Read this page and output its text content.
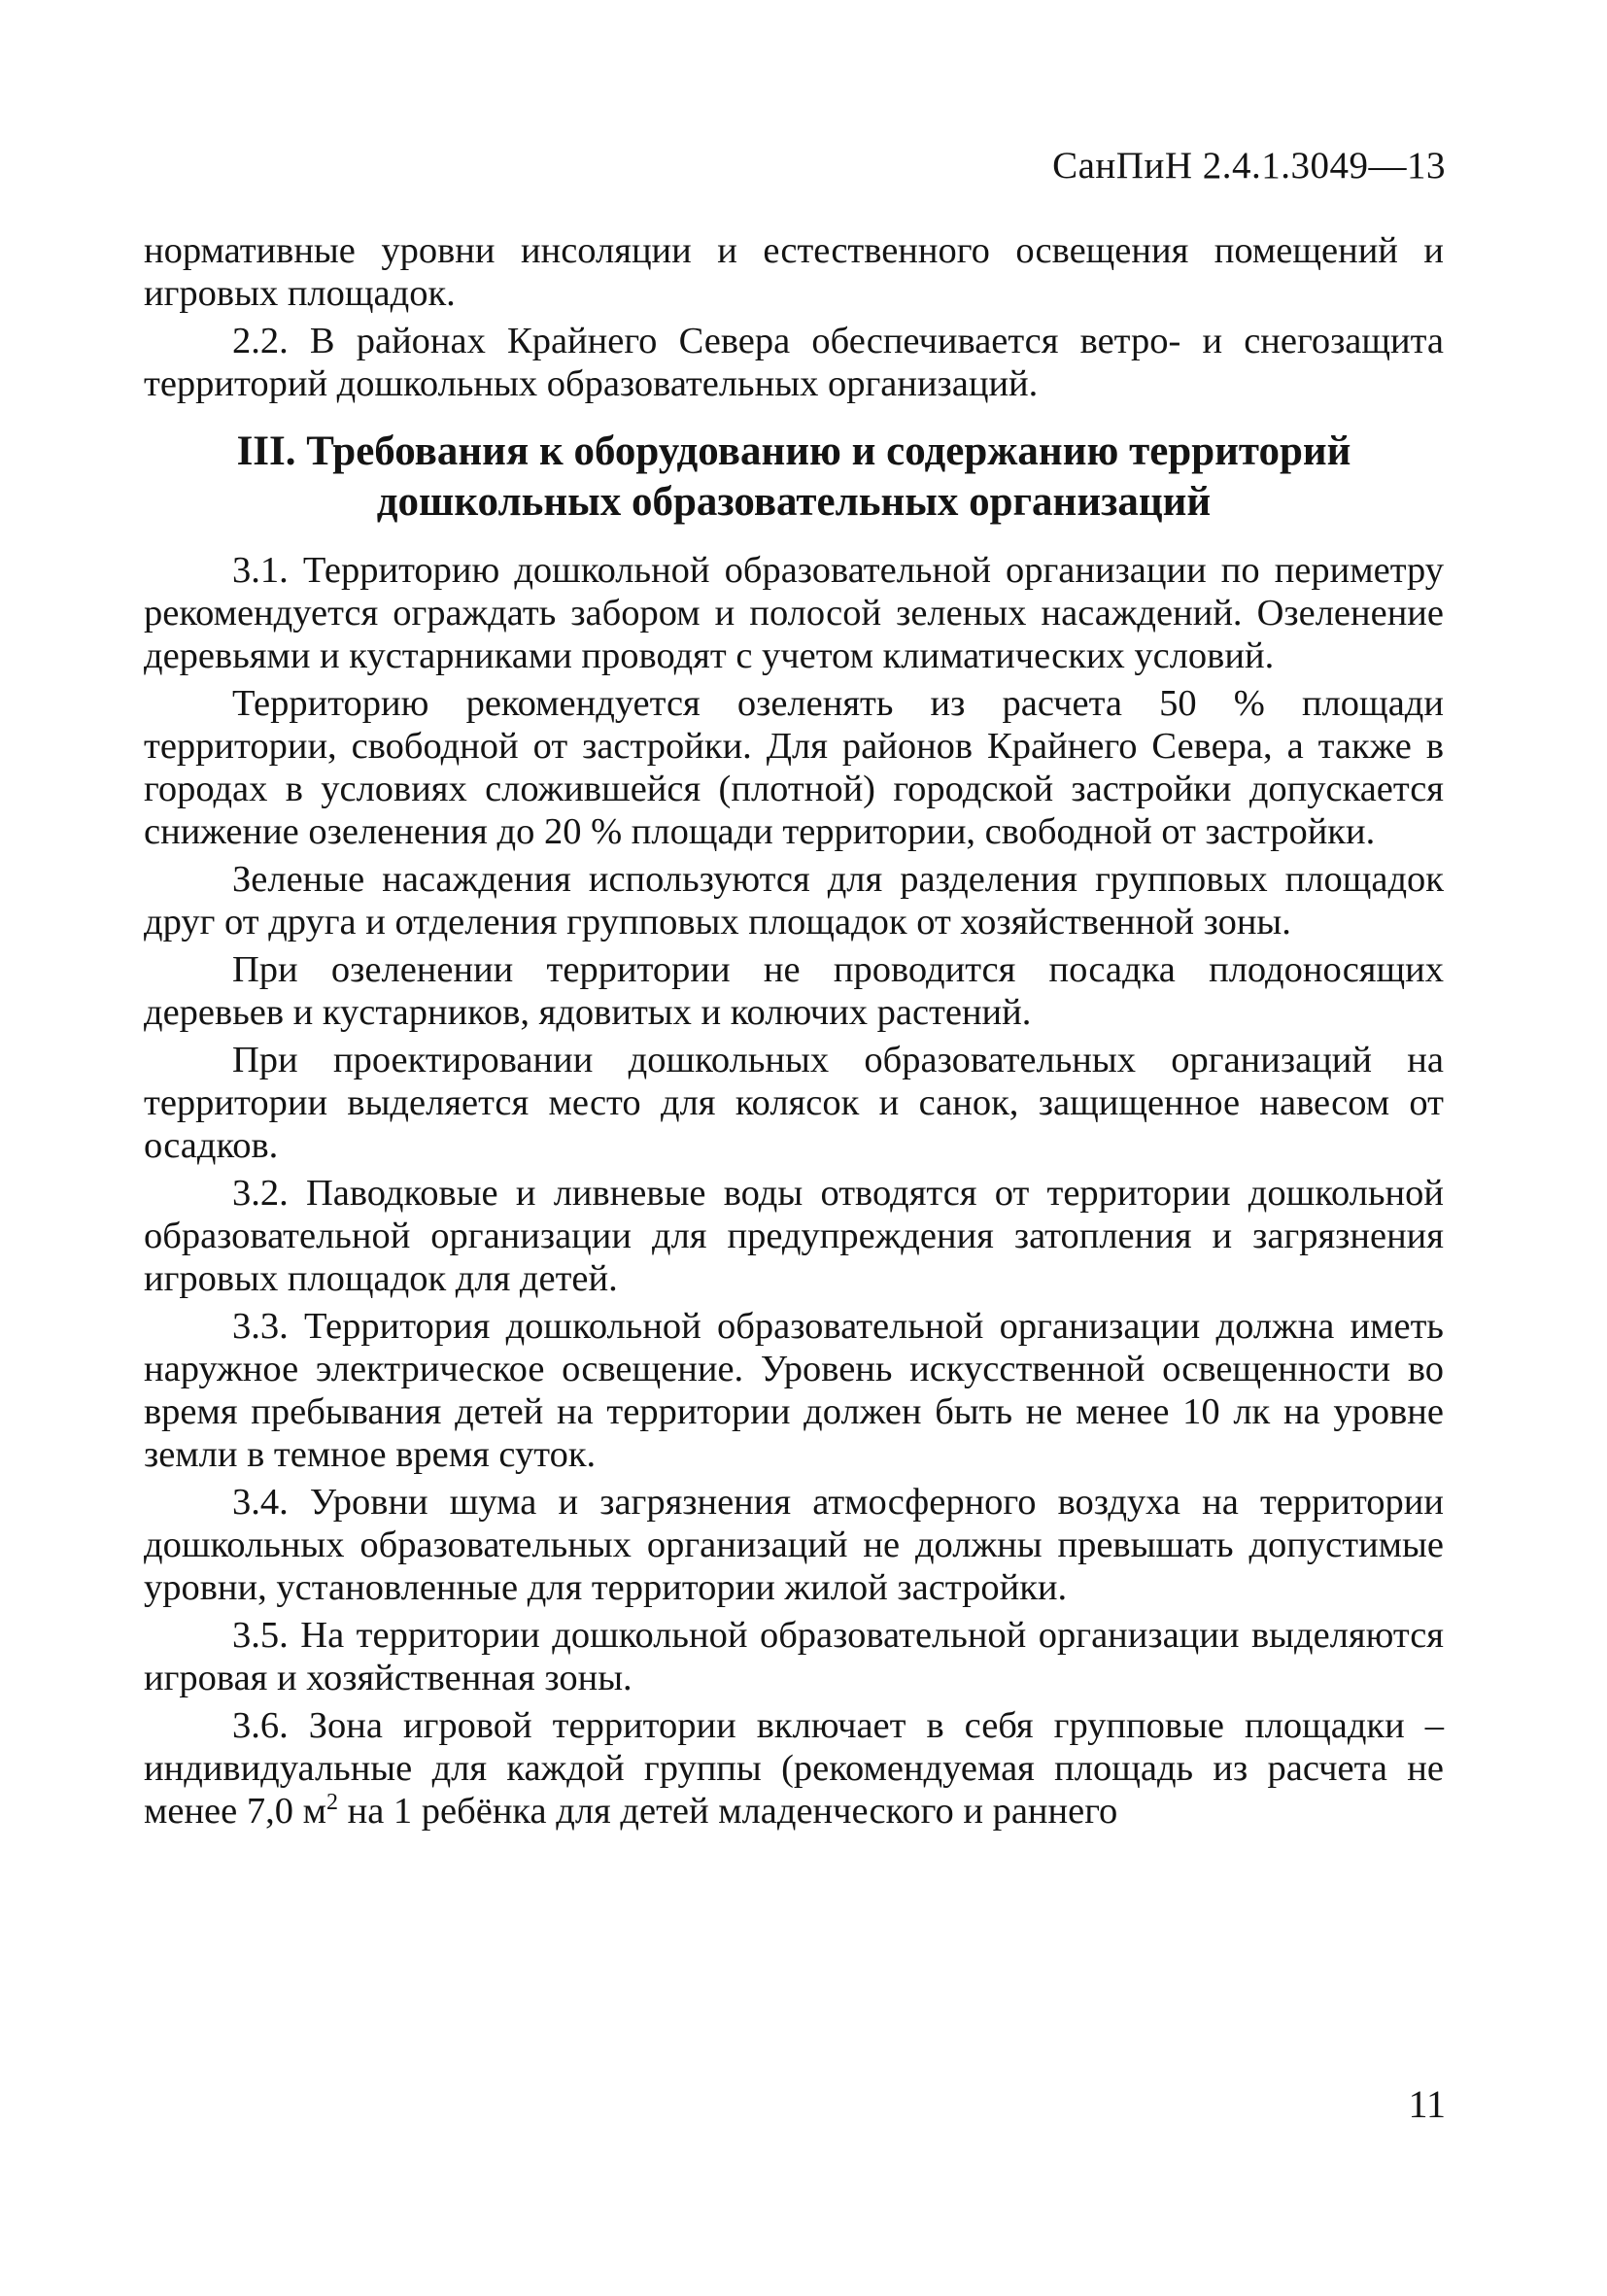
СанПиН 2.4.1.3049—13

нормативные уровни инсоляции и естественного освещения помещений и игровых площадок.

2.2. В районах Крайнего Севера обеспечивается ветро- и снегозащита территорий дошкольных образовательных организаций.

III. Требования к оборудованию и содержанию территорий
дошкольных образовательных организаций

3.1. Территорию дошкольной образовательной организации по периметру рекомендуется ограждать забором и полосой зеленых насаждений. Озеленение деревьями и кустарниками проводят с учетом климатических условий.

Территорию рекомендуется озеленять из расчета 50 % площади территории, свободной от застройки. Для районов Крайнего Севера, а также в городах в условиях сложившейся (плотной) городской застройки допускается снижение озеленения до 20 % площади территории, свободной от застройки.

Зеленые насаждения используются для разделения групповых площадок друг от друга и отделения групповых площадок от хозяйственной зоны.

При озеленении территории не проводится посадка плодоносящих деревьев и кустарников, ядовитых и колючих растений.

При проектировании дошкольных образовательных организаций на территории выделяется место для колясок и санок, защищенное навесом от осадков.

3.2. Паводковые и ливневые воды отводятся от территории дошкольной образовательной организации для предупреждения затопления и загрязнения игровых площадок для детей.

3.3. Территория дошкольной образовательной организации должна иметь наружное электрическое освещение. Уровень искусственной освещенности во время пребывания детей на территории должен быть не менее 10 лк на уровне земли в темное время суток.

3.4. Уровни шума и загрязнения атмосферного воздуха на территории дошкольных образовательных организаций не должны превышать допустимые уровни, установленные для территории жилой застройки.

3.5. На территории дошкольной образовательной организации выделяются игровая и хозяйственная зоны.

3.6. Зона игровой территории включает в себя групповые площадки – индивидуальные для каждой группы (рекомендуемая площадь из расчета не менее 7,0 $м^2$ на 1 ребёнка для детей младенческого и раннего

11
